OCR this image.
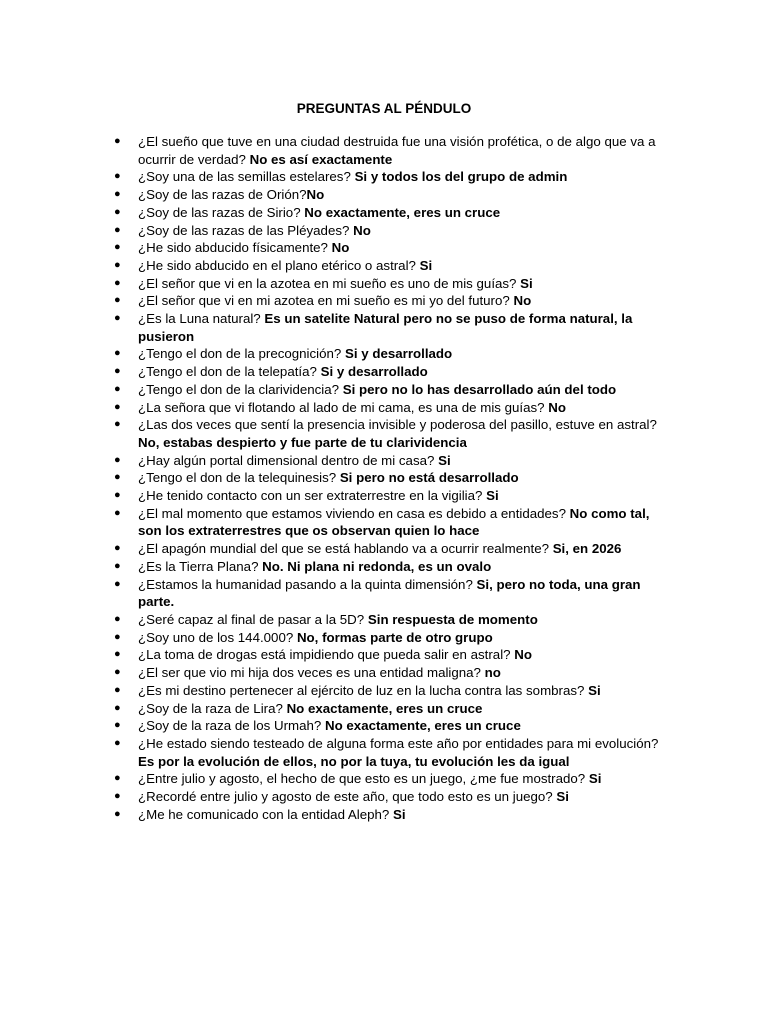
PREGUNTAS AL PÉNDULO
● ¿El sueño que tuve en una ciudad destruida fue una visión profética, o de algo que va a ocurrir de verdad? No es así exactamente
● ¿Soy una de las semillas estelares? Si y todos los del grupo de admin
● ¿Soy de las razas de Orión?No
● ¿Soy de las razas de Sirio? No exactamente, eres un cruce
● ¿Soy de las razas de las Pléyades? No
● ¿He sido abducido físicamente? No
● ¿He sido abducido en el plano etérico o astral? Si
● ¿El señor que vi en la azotea en mi sueño es uno de mis guías? Si
● ¿El señor que vi en mi azotea en mi sueño es mi yo del futuro? No
● ¿Es la Luna natural? Es un satelite Natural pero no se puso de forma natural, la pusieron
● ¿Tengo el don de la precognición? Si y desarrollado
● ¿Tengo el don de la telepatía? Si y desarrollado
● ¿Tengo el don de la clarividencia? Si pero no lo has desarrollado aún del todo
● ¿La señora que vi flotando al lado de mi cama, es una de mis guías? No
● ¿Las dos veces que sentí la presencia invisible y poderosa del pasillo, estuve en astral? No, estabas despierto y fue parte de tu clarividencia
● ¿Hay algún portal dimensional dentro de mi casa? Si
● ¿Tengo el don de la telequinesis? Si pero no está desarrollado
● ¿He tenido contacto con un ser extraterrestre en la vigilia? Si
● ¿El mal momento que estamos viviendo en casa es debido a entidades? No como tal, son los extraterrestres que os observan quien lo hace
● ¿El apagón mundial del que se está hablando va a ocurrir realmente? Si, en 2026
● ¿Es la Tierra Plana? No. Ni plana ni redonda, es un ovalo
● ¿Estamos la humanidad pasando a la quinta dimensión? Si, pero no toda, una gran parte.
● ¿Seré capaz al final de pasar a la 5D? Sin respuesta de momento
● ¿Soy uno de los 144.000? No, formas parte de otro grupo
● ¿La toma de drogas está impidiendo que pueda salir en astral? No
● ¿El ser que vio mi hija dos veces es una entidad maligna? no
● ¿Es mi destino pertenecer al ejército de luz en la lucha contra las sombras? Si
● ¿Soy de la raza de Lira? No exactamente, eres un cruce
● ¿Soy de la raza de los Urmah? No exactamente, eres un cruce
● ¿He estado siendo testeado de alguna forma este año por entidades para mi evolución? Es por la evolución de ellos, no por la tuya, tu evolución les da igual
● ¿Entre julio y agosto, el hecho de que esto es un juego, ¿me fue mostrado? Si
● ¿Recordé entre julio y agosto de este año, que todo esto es un juego? Si
● ¿Me he comunicado con la entidad Aleph? Si
